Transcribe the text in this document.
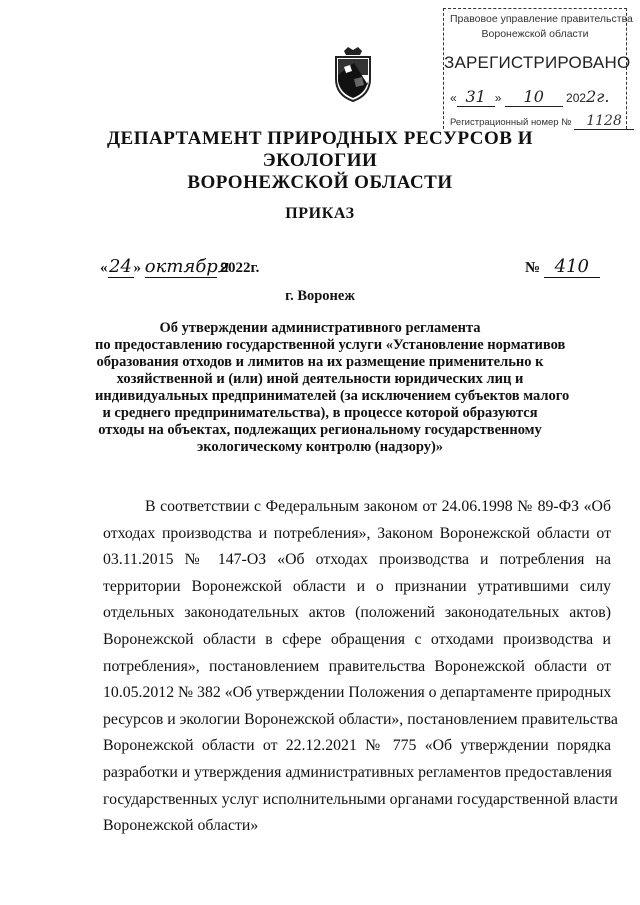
Правовое управление правительства
Воронежской области
ЗАРЕГИСТРИРОВАНО
« 31 » 10 2022г.
Регистрационный номер № 1128
ДЕПАРТАМЕНТ ПРИРОДНЫХ РЕСУРСОВ И ЭКОЛОГИИ
ВОРОНЕЖСКОЙ ОБЛАСТИ
ПРИКАЗ
«24 » октября 2022г.	№ 410
г. Воронеж
Об утверждении административного регламента
по предоставлению государственной услуги «Установление нормативов
образования отходов и лимитов на их размещение применительно к
хозяйственной и (или) иной деятельности юридических лиц и
индивидуальных предпринимателей (за исключением субъектов малого
и среднего предпринимательства), в процессе которой образуются
отходы на объектах, подлежащих региональному государственному
экологическому контролю (надзору)»
В соответствии с Федеральным законом от 24.06.1998 № 89-ФЗ «Об
отходах производства и потребления», Законом Воронежской области от
03.11.2015 № 147-ОЗ «Об отходах производства и потребления на
территории Воронежской области и о признании утратившими силу
отдельных законодательных актов (положений законодательных актов)
Воронежской области в сфере обращения с отходами производства и
потребления», постановлением правительства Воронежской области от
10.05.2012 № 382 «Об утверждении Положения о департаменте природных
ресурсов и экологии Воронежской области», постановлением правительства
Воронежской области от 22.12.2021 № 775 «Об утверждении порядка
разработки и утверждения административных регламентов предоставления
государственных услуг исполнительными органами государственной власти
Воронежской области»
